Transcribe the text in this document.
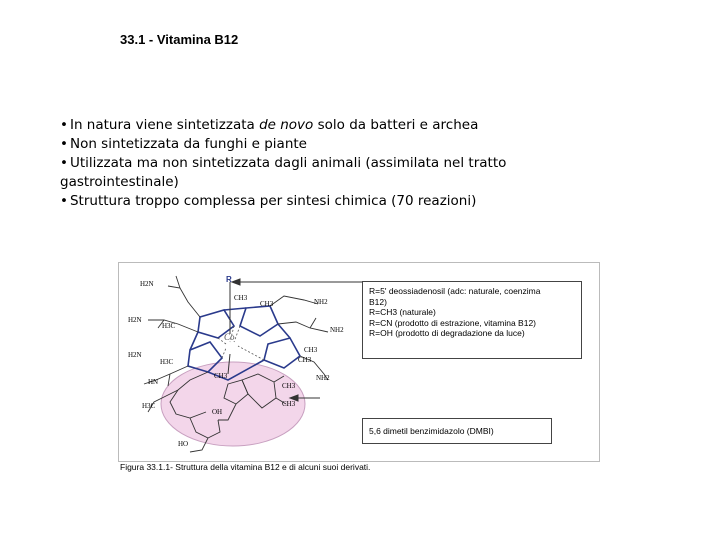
33.1 - Vitamina B12

• In natura viene sintetizzata de novo solo da batteri e archea

• Non sintetizzata da funghi e piante

• Utilizzata ma non sintetizzata dagli animali (assimilata nel tratto gastrointestinale)

• Struttura troppo complessa per sintesi chimica (70 reazioni)

R
Co
H2N
H2N
H2N
NH2
NH2
NH2
CH3
CH3
CH3
CH3
CH3
CH3
CH3
H3C
H3C
H3C
HN
OH
HO
R=5' deossiadenosil (adc: naturale, coenzima
B12)
R=CH3 (naturale)
R=CN (prodotto di estrazione, vitamina B12)
R=OH (prodotto di degradazione da luce)
5,6 dimetil benzimidazolo (DMBI)
Figura 33.1.1- Struttura della vitamina B12 e di alcuni suoi derivati.
